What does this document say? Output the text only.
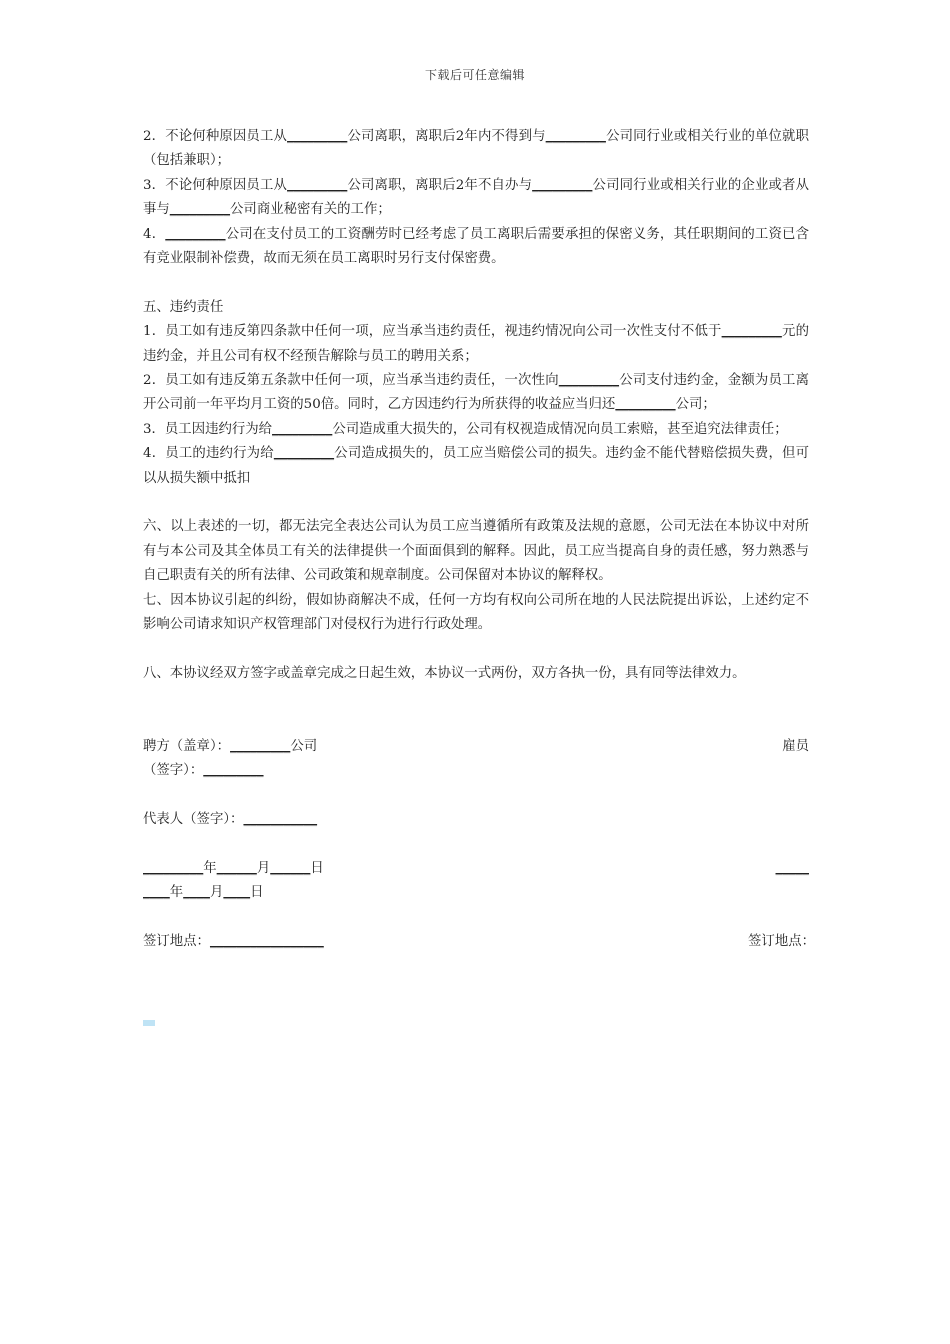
下载后可任意编辑

2．不论何种原因员工从_________公司离职，离职后2年内不得到与_________公司同行业或相关行业的单位就职（包括兼职）；

3．不论何种原因员工从_________公司离职，离职后2年不自办与_________公司同行业或相关行业的企业或者从事与_________公司商业秘密有关的工作；

4．_________公司在支付员工的工资酬劳时已经考虑了员工离职后需要承担的保密义务，其任职期间的工资已含有竞业限制补偿费，故而无须在员工离职时另行支付保密费。

五、违约责任

1．员工如有违反第四条款中任何一项，应当承当违约责任，视违约情况向公司一次性支付不低于_________元的违约金，并且公司有权不经预告解除与员工的聘用关系；

2．员工如有违反第五条款中任何一项，应当承当违约责任，一次性向_________公司支付违约金，金额为员工离开公司前一年平均月工资的50倍。同时，乙方因违约行为所获得的收益应当归还_________公司；

3．员工因违约行为给_________公司造成重大损失的，公司有权视造成情况向员工索赔，甚至追究法律责任；

4．员工的违约行为给_________公司造成损失的，员工应当赔偿公司的损失。违约金不能代替赔偿损失费，但可以从损失额中抵扣

六、以上表述的一切，都无法完全表达公司认为员工应当遵循所有政策及法规的意愿，公司无法在本协议中对所有与本公司及其全体员工有关的法律提供一个面面俱到的解释。因此，员工应当提高自身的责任感，努力熟悉与自己职责有关的所有法律、公司政策和规章制度。公司保留对本协议的解释权。

七、因本协议引起的纠纷，假如协商解决不成，任何一方均有权向公司所在地的人民法院提出诉讼，上述约定不影响公司请求知识产权管理部门对侵权行为进行行政处理。

八、本协议经双方签字或盖章完成之日起生效，本协议一式两份，双方各执一份，具有同等法律效力。

聘方（盖章）：_________公司	雇员
（签字）：_________
代表人（签字）：___________
_________年______月______日	_____
____年____月____日
签订地点：_________________	签订地点：
